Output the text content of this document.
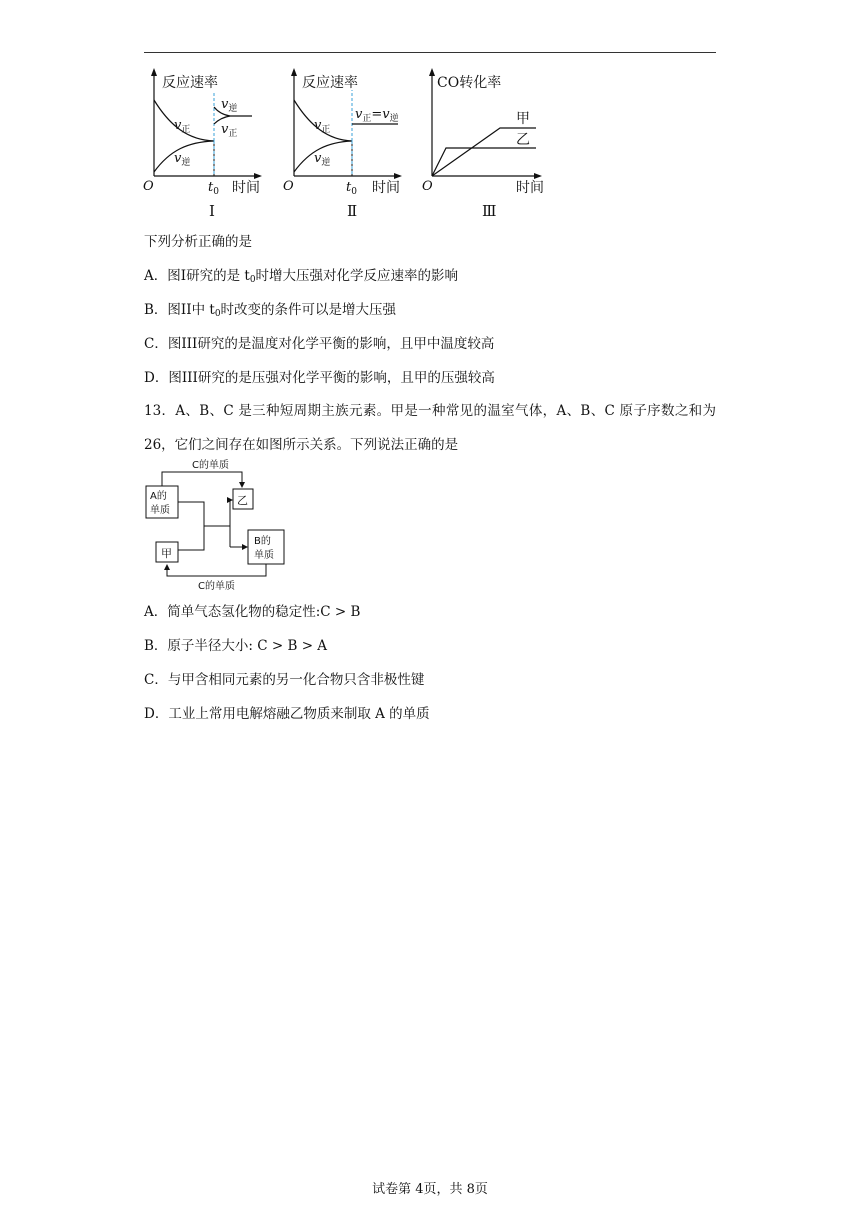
反应速率
$v_正$
$v_逆$
$v_逆$
$v_正$
O	$t_0$ 时间
Ⅰ
反应速率
$v_正$
$v_逆$
$v_正=v_逆$
O	$t_0$ 时间
Ⅱ
CO转化率
甲
乙
O	时间
Ⅲ
下列分析正确的是
A．图I研究的是 $t_0$时增大压强对化学反应速率的影响
B．图II中 $t_0$时改变的条件可以是增大压强
C．图III研究的是温度对化学平衡的影响，且甲中温度较高
D．图III研究的是压强对化学平衡的影响，且甲的压强较高
13．A、B、C 是三种短周期主族元素。甲是一种常见的温室气体，A、B、C 原子序数之和为 26，它们之间存在如图所示关系。下列说法正确的是
C的单质
A的
单质
乙
甲
B的
单质
C的单质
A．简单气态氢化物的稳定性:C > B
B．原子半径大小: C > B > A
C．与甲含相同元素的另一化合物只含非极性键
D．工业上常用电解熔融乙物质来制取 A 的单质
试卷第 4页，共 8页
